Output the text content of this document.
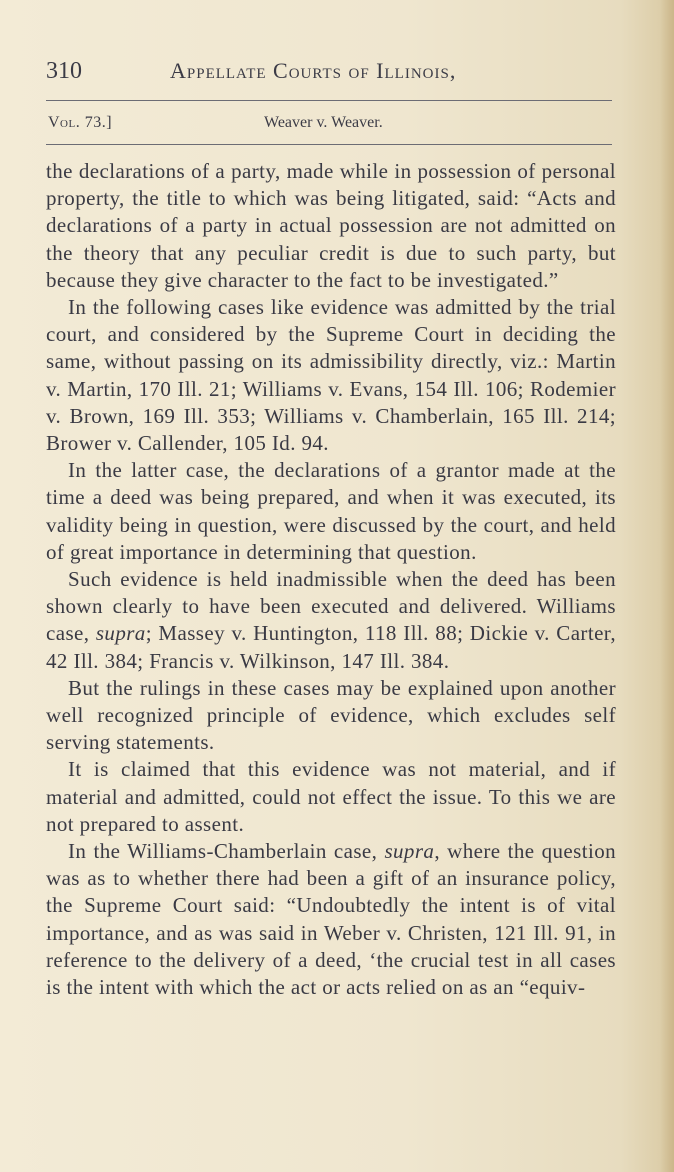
310	Appellate Courts of Illinois,
Vol. 73.]	Weaver v. Weaver.

the declarations of a party, made while in possession of personal property, the title to which was being litigated, said: “Acts and declarations of a party in actual possession are not admitted on the theory that any peculiar credit is due to such party, but because they give character to the fact to be investigated.”

In the following cases like evidence was admitted by the trial court, and considered by the Supreme Court in deciding the same, without passing on its admissibility directly, viz.: Martin v. Martin, 170 Ill. 21; Williams v. Evans, 154 Ill. 106; Rodemier v. Brown, 169 Ill. 353; Williams v. Chamberlain, 165 Ill. 214; Brower v. Callender, 105 Id. 94.

In the latter case, the declarations of a grantor made at the time a deed was being prepared, and when it was executed, its validity being in question, were discussed by the court, and held of great importance in determining that question.

Such evidence is held inadmissible when the deed has been shown clearly to have been executed and delivered. Williams case, supra; Massey v. Huntington, 118 Ill. 88; Dickie v. Carter, 42 Ill. 384; Francis v. Wilkinson, 147 Ill. 384.

But the rulings in these cases may be explained upon another well recognized principle of evidence, which excludes self serving statements.

It is claimed that this evidence was not material, and if material and admitted, could not effect the issue. To this we are not prepared to assent.

In the Williams-Chamberlain case, supra, where the question was as to whether there had been a gift of an insurance policy, the Supreme Court said: “Undoubtedly the intent is of vital importance, and as was said in Weber v. Christen, 121 Ill. 91, in reference to the delivery of a deed, ‘the crucial test in all cases is the intent with which the act or acts relied on as an “equiv-
